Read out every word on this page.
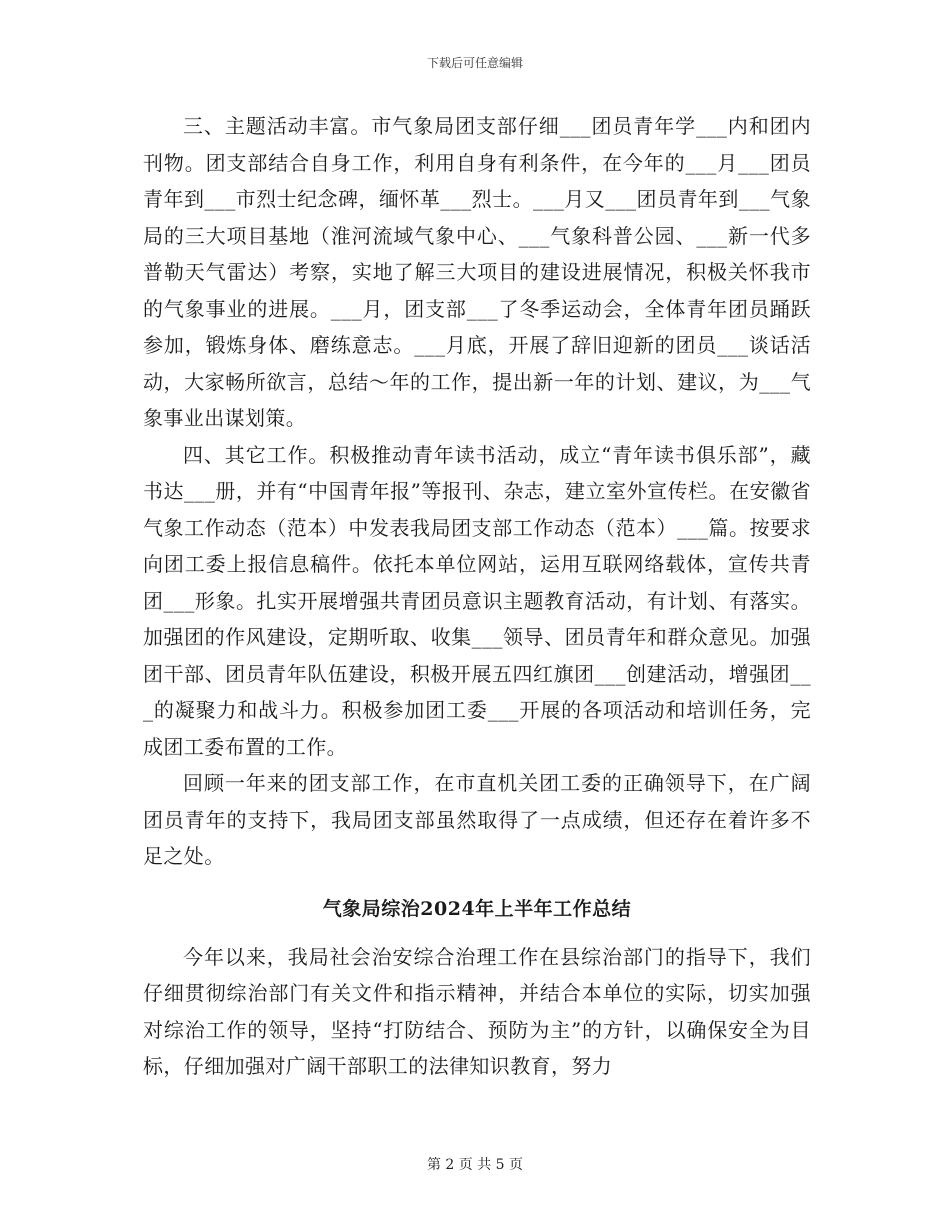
下载后可任意编辑

三、主题活动丰富。市气象局团支部仔细___团员青年学___内和团内刊物。团支部结合自身工作，利用自身有利条件，在今年的___月___团员青年到___市烈士纪念碑，缅怀革___烈士。___月又___团员青年到___气象局的三大项目基地（淮河流域气象中心、___气象科普公园、___新一代多普勒天气雷达）考察，实地了解三大项目的建设进展情况，积极关怀我市的气象事业的进展。___月，团支部___了冬季运动会，全体青年团员踊跃参加，锻炼身体、磨练意志。___月底，开展了辞旧迎新的团员___谈话活动，大家畅所欲言，总结～年的工作，提出新一年的计划、建议，为___气象事业出谋划策。

四、其它工作。积极推动青年读书活动，成立“青年读书俱乐部”，藏书达___册，并有“中国青年报”等报刊、杂志，建立室外宣传栏。在安徽省气象工作动态（范本）中发表我局团支部工作动态（范本）___篇。按要求向团工委上报信息稿件。依托本单位网站，运用互联网络载体，宣传共青团___形象。扎实开展增强共青团员意识主题教育活动，有计划、有落实。加强团的作风建设，定期听取、收集___领导、团员青年和群众意见。加强团干部、团员青年队伍建设，积极开展五四红旗团___创建活动，增强团___的凝聚力和战斗力。积极参加团工委___开展的各项活动和培训任务，完成团工委布置的工作。

回顾一年来的团支部工作，在市直机关团工委的正确领导下，在广阔团员青年的支持下，我局团支部虽然取得了一点成绩，但还存在着许多不足之处。

气象局综治2024年上半年工作总结

今年以来，我局社会治安综合治理工作在县综治部门的指导下，我们仔细贯彻综治部门有关文件和指示精神，并结合本单位的实际，切实加强对综治工作的领导，坚持“打防结合、预防为主”的方针，以确保安全为目标，仔细加强对广阔干部职工的法律知识教育，努力

第 2 页 共 5 页
